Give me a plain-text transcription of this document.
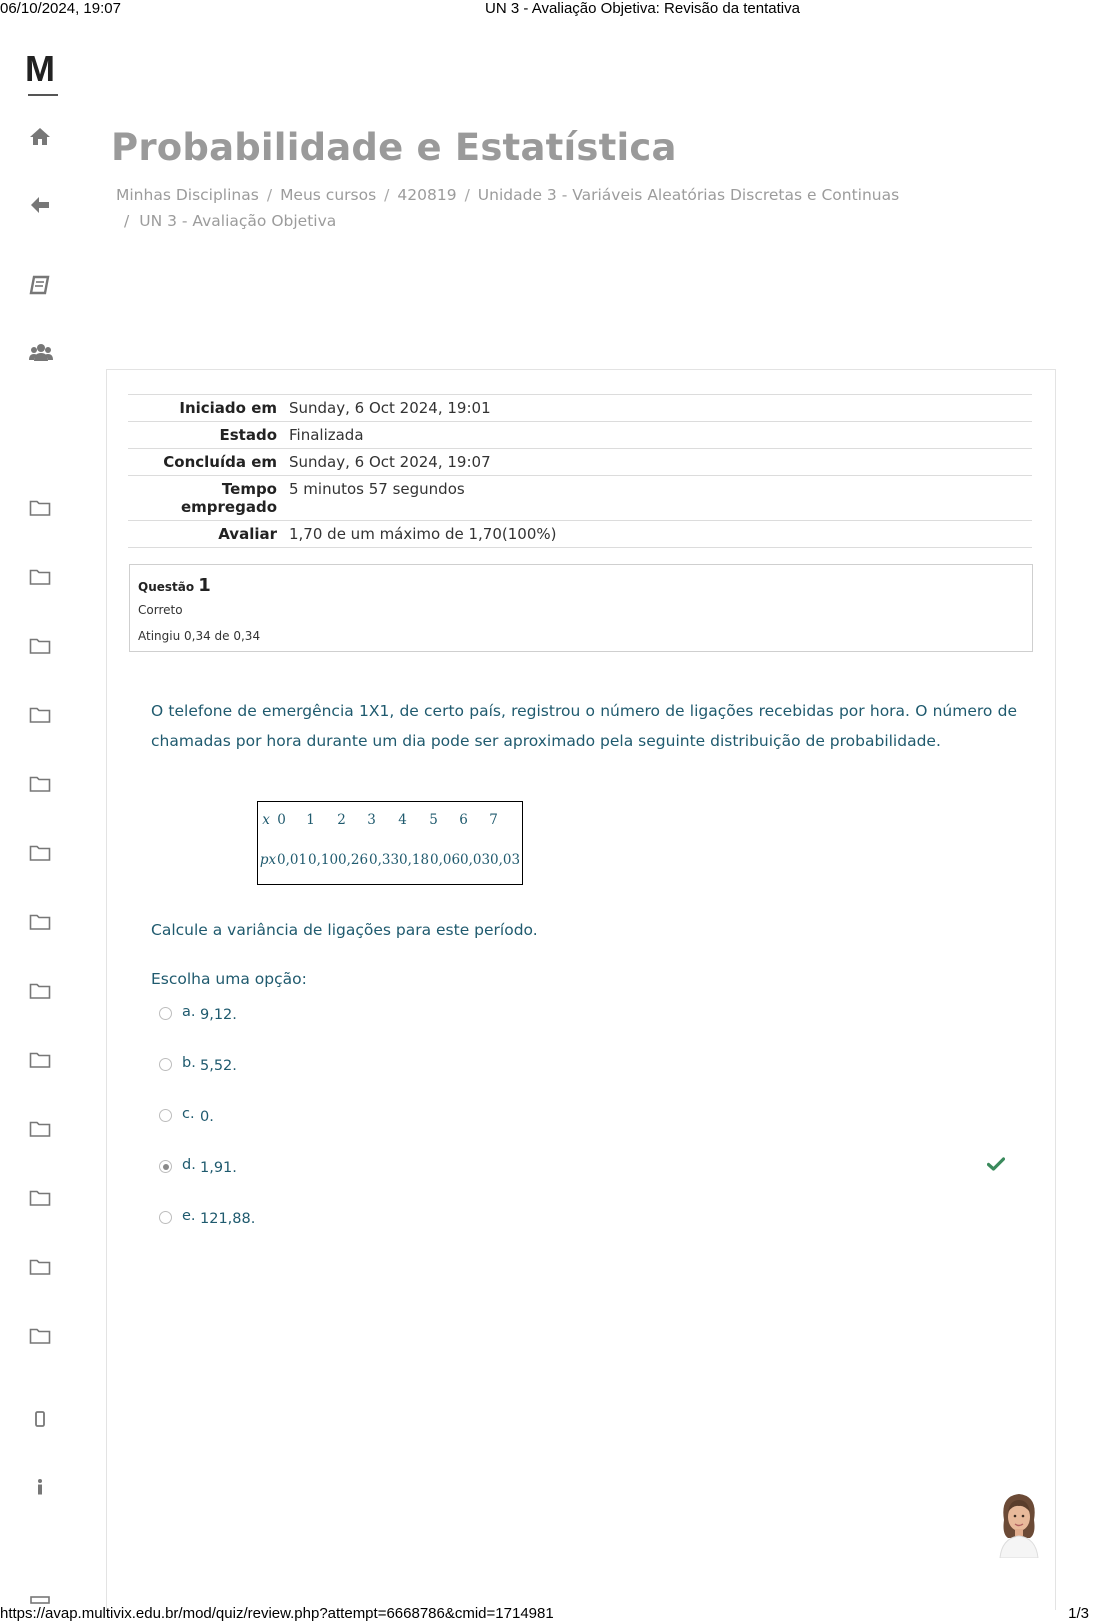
06/10/2024, 19:07	UN 3 - Avaliação Objetiva: Revisão da tentativa
M
Probabilidade e Estatística
Minhas Disciplinas / Meus cursos / 420819 / Unidade 3 - Variáveis Aleatórias Discretas e Continuas
/ UN 3 - Avaliação Objetiva
Iniciado em	Sunday, 6 Oct 2024, 19:01
Estado	Finalizada
Concluída em	Sunday, 6 Oct 2024, 19:07
Tempo empregado	5 minutos 57 segundos
Avaliar	1,70 de um máximo de 1,70(100%)
Questão 1
Correto
Atingiu 0,34 de 0,34
O telefone de emergência 1X1, de certo país, registrou o número de ligações recebidas por hora. O número de chamadas por hora durante um dia pode ser aproximado pela seguinte distribuição de probabilidade.
x 0 1 2 3 4 5 6 7
px 0,01 0,10 0,26 0,33 0,18 0,06 0,03 0,03
Calcule a variância de ligações para este período.
Escolha uma opção:
a. 9,12.
b. 5,52.
c. 0.
d. 1,91.
e. 121,88.
https://avap.multivix.edu.br/mod/quiz/review.php?attempt=6668786&cmid=1714981	1/3
